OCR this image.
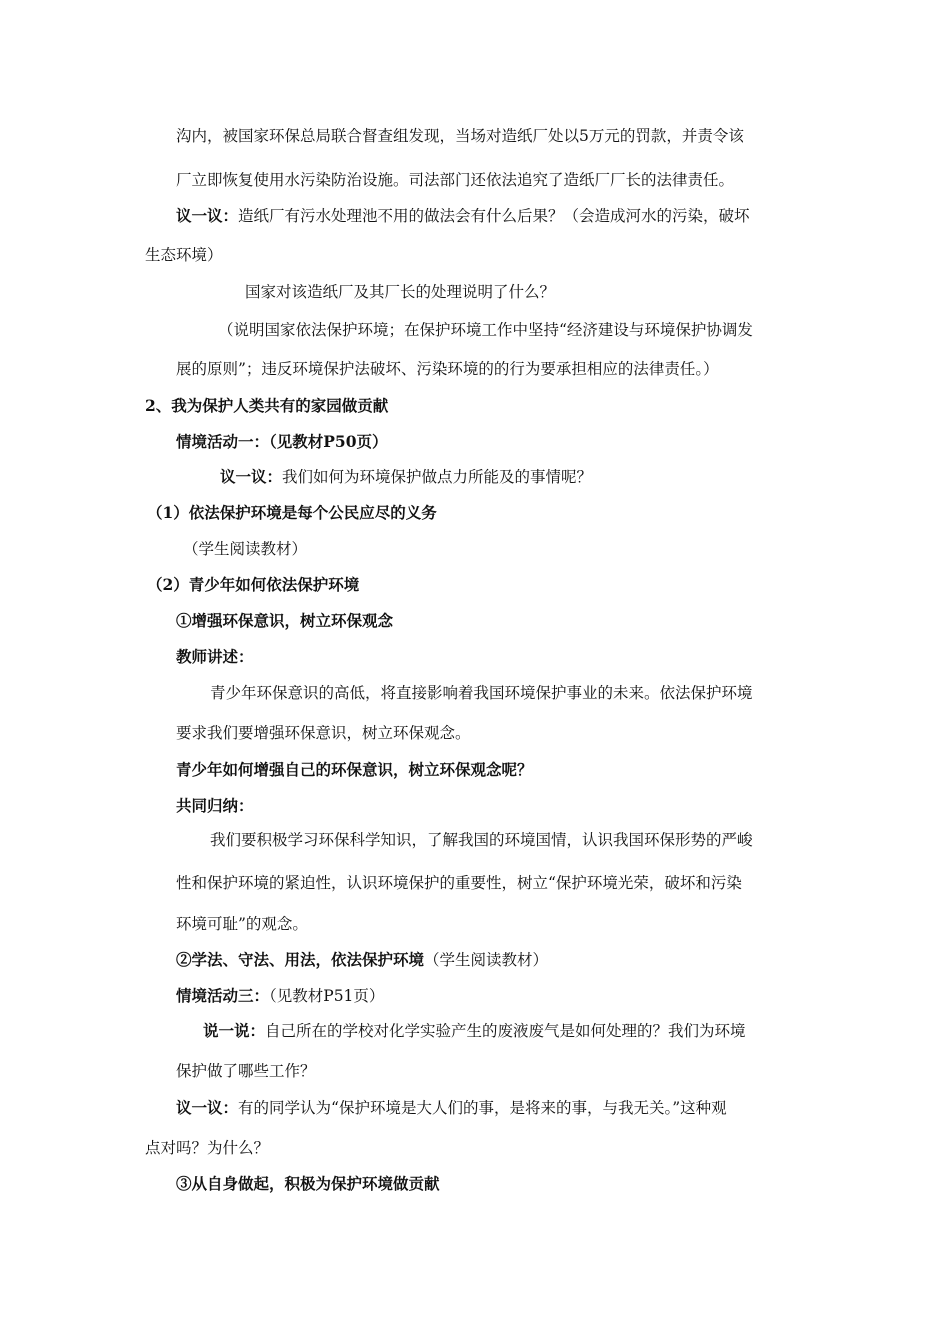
沟内，被国家环保总局联合督查组发现，当场对造纸厂处以5万元的罚款，并责令该
厂立即恢复使用水污染防治设施。司法部门还依法追究了造纸厂厂长的法律责任。
议一议：造纸厂有污水处理池不用的做法会有什么后果？（会造成河水的污染，破坏
生态环境）
国家对该造纸厂及其厂长的处理说明了什么？
（说明国家依法保护环境；在保护环境工作中坚持“经济建设与环境保护协调发
展的原则”；违反环境保护法破坏、污染环境的的行为要承担相应的法律责任。）
2、我为保护人类共有的家园做贡献
情境活动一：（见教材P50页）
议一议：我们如何为环境保护做点力所能及的事情呢？
（1）依法保护环境是每个公民应尽的义务
（学生阅读教材）
（2）青少年如何依法保护环境
①增强环保意识，树立环保观念
教师讲述：
青少年环保意识的高低，将直接影响着我国环境保护事业的未来。依法保护环境
要求我们要增强环保意识，树立环保观念。
青少年如何增强自己的环保意识，树立环保观念呢？
共同归纳：
我们要积极学习环保科学知识，了解我国的环境国情，认识我国环保形势的严峻
性和保护环境的紧迫性，认识环境保护的重要性，树立“保护环境光荣，破坏和污染
环境可耻”的观念。
②学法、守法、用法，依法保护环境（学生阅读教材）
情境活动三：（见教材P51页）
说一说：自己所在的学校对化学实验产生的废液废气是如何处理的？我们为环境
保护做了哪些工作？
议一议：有的同学认为“保护环境是大人们的事，是将来的事，与我无关。”这种观
点对吗？为什么？
③从自身做起，积极为保护环境做贡献
